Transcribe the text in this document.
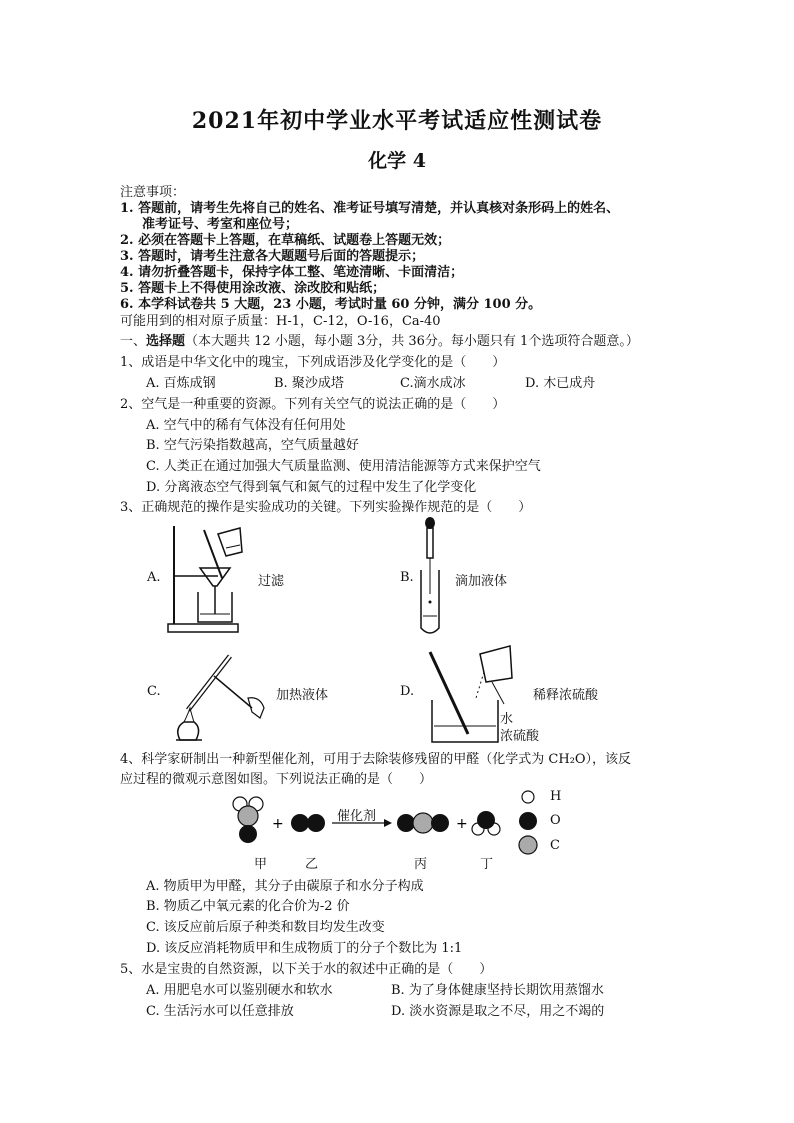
2021年初中学业水平考试适应性测试卷
化学 4
注意事项：
1. 答题前，请考生先将自己的姓名、准考证号填写清楚，并认真核对条形码上的姓名、
准考证号、考室和座位号；
2. 必须在答题卡上答题，在草稿纸、试题卷上答题无效；
3. 答题时，请考生注意各大题题号后面的答题提示；
4. 请勿折叠答题卡，保持字体工整、笔迹清晰、卡面清洁；
5. 答题卡上不得使用涂改液、涂改胶和贴纸；
6. 本学科试卷共 5 大题，23 小题，考试时量 60 分钟，满分 100 分。
可能用到的相对原子质量：H-1，C-12，O-16，Ca-40
一、选择题（本大题共 12 小题，每小题 3分，共 36分。每小题只有 1个选项符合题意。）
1、成语是中华文化中的瑰宝，下列成语涉及化学变化的是（　　）
A. 百炼成钢	B. 聚沙成塔	C.滴水成冰	D. 木已成舟
2、空气是一种重要的资源。下列有关空气的说法正确的是（　　）
A. 空气中的稀有气体没有任何用处
B. 空气污染指数越高，空气质量越好
C. 人类正在通过加强大气质量监测、使用清洁能源等方式来保护空气
D. 分离液态空气得到氧气和氮气的过程中发生了化学变化
3、正确规范的操作是实验成功的关键。下列实验操作规范的是（　　）
A.	过滤	B.	滴加液体
C.	加热液体	D.	稀释浓硫酸
水
浓硫酸
4、科学家研制出一种新型催化剂，可用于去除装修残留的甲醛（化学式为 CH₂O），该反
应过程的微观示意图如图。下列说法正确的是（　　）
+	+
催化剂
H
O
C
甲	乙	丙	丁
A. 物质甲为甲醛，其分子由碳原子和水分子构成
B. 物质乙中氧元素的化合价为-2 价
C. 该反应前后原子种类和数目均发生改变
D. 该反应消耗物质甲和生成物质丁的分子个数比为 1:1
5、水是宝贵的自然资源，以下关于水的叙述中正确的是（　　）
A. 用肥皂水可以鉴别硬水和软水	B. 为了身体健康坚持长期饮用蒸馏水
C. 生活污水可以任意排放	D. 淡水资源是取之不尽，用之不竭的
